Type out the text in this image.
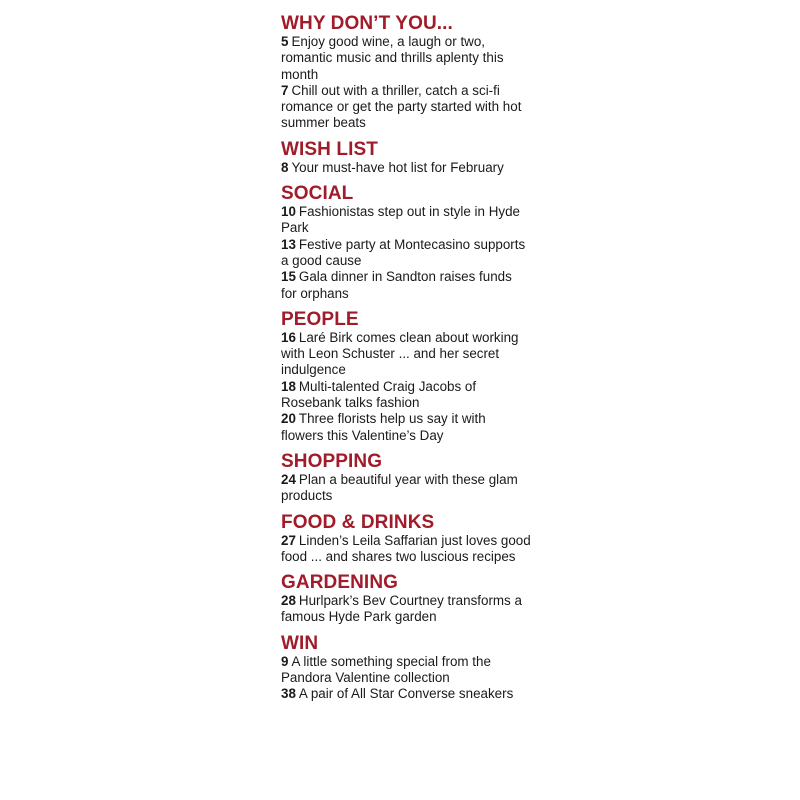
WHY DON’T YOU...

5 Enjoy good wine, a laugh or two, romantic music and thrills aplenty this month

7 Chill out with a thriller, catch a sci-fi romance or get the party started with hot summer beats

WISH LIST

8 Your must-have hot list for February

SOCIAL

10 Fashionistas step out in style in Hyde Park

13 Festive party at Montecasino supports a good cause

15 Gala dinner in Sandton raises funds for orphans

PEOPLE

16 Laré Birk comes clean about working with Leon Schuster ... and her secret indulgence

18 Multi-talented Craig Jacobs of Rosebank talks fashion

20 Three florists help us say it with flowers this Valentine’s Day

SHOPPING

24 Plan a beautiful year with these glam products

FOOD & DRINKS

27 Linden’s Leila Saffarian just loves good food ... and shares two luscious recipes

GARDENING

28 Hurlpark’s Bev Courtney transforms a famous Hyde Park garden

WIN

9 A little something special from the Pandora Valentine collection

38 A pair of All Star Converse sneakers
